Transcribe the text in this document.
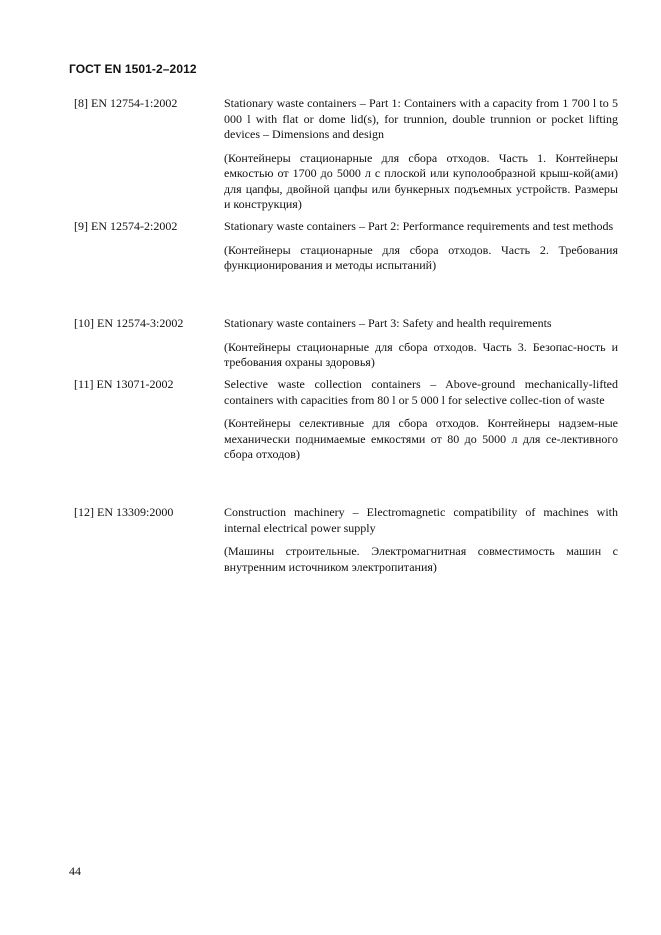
ГОСТ EN 1501-2–2012
[8] EN 12754-1:2002	Stationary waste containers – Part 1: Containers with a capacity from 1 700 l to 5 000 l with flat or dome lid(s), for trunnion, double trunnion or pocket lifting devices – Dimensions and design

(Контейнеры стационарные для сбора отходов. Часть 1. Контейнеры емкостью от 1700 до 5000 л с плоской или куполообразной крыш-кой(ами) для цапфы, двойной цапфы или бункерных подъемных устройств. Размеры и конструкция)

[9] EN 12574-2:2002	Stationary waste containers – Part 2: Performance requirements and test methods

(Контейнеры стационарные для сбора отходов. Часть 2. Требования функционирования и методы испытаний)

[10] EN 12574-3:2002	Stationary waste containers – Part 3: Safety and health requirements

(Контейнеры стационарные для сбора отходов. Часть 3. Безопас-ность и требования охраны здоровья)

[11] EN 13071-2002	Selective waste collection containers – Above-ground mechanically-lifted containers with capacities from 80 l or 5 000 l for selective collec-tion of waste

(Контейнеры селективные для сбора отходов. Контейнеры надзем-ные механически поднимаемые емкостями от 80 до 5000 л для се-лективного сбора отходов)

[12] EN 13309:2000	Construction machinery – Electromagnetic compatibility of machines with internal electrical power supply

(Машины строительные. Электромагнитная совместимость машин с внутренним источником электропитания)

44
